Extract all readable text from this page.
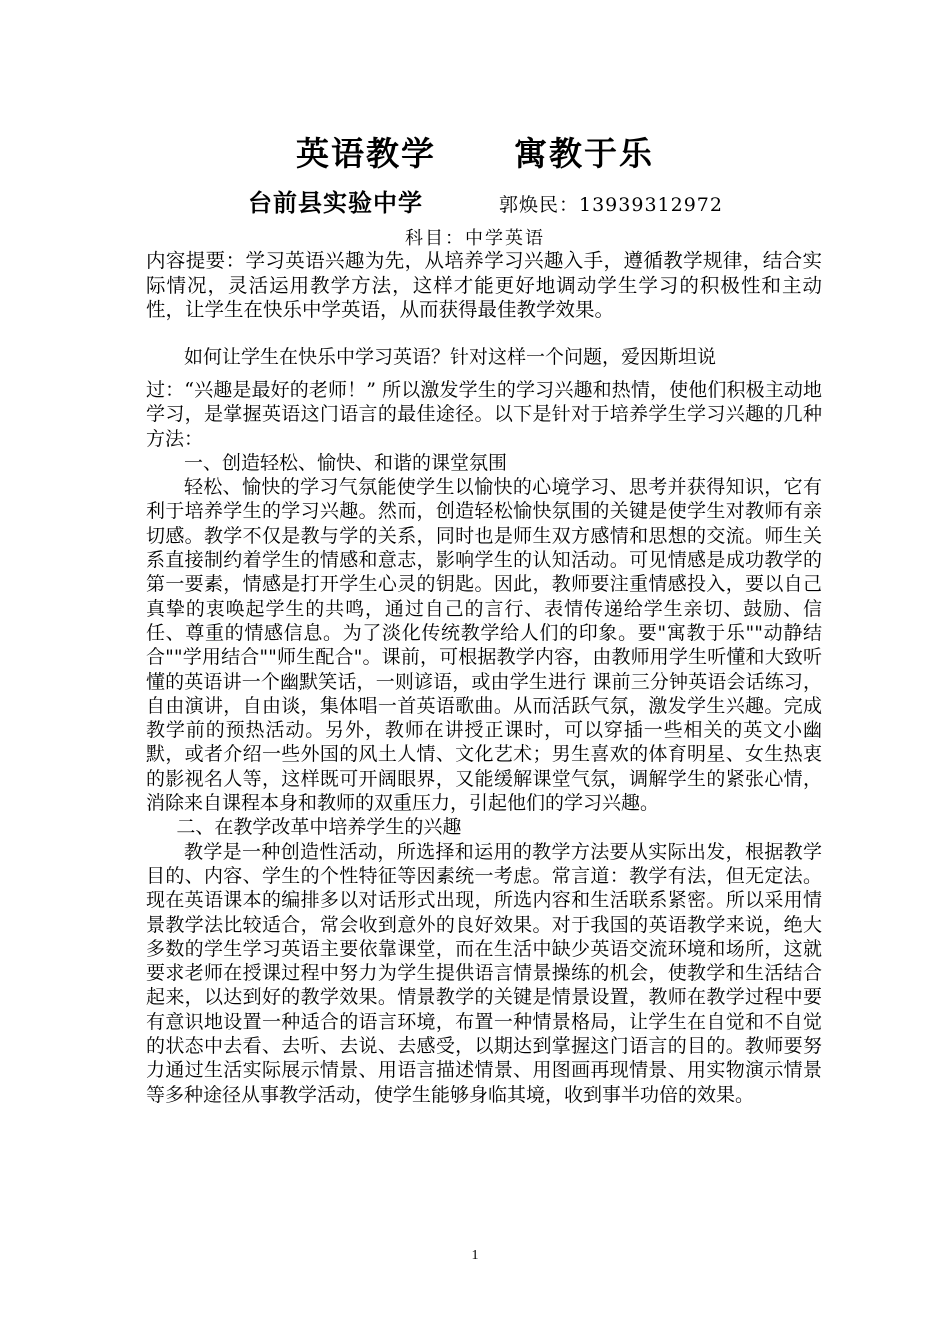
英语教学 寓教于乐
台前县实验中学	郭焕民：13939312972
科目：中学英语

内容提要：学习英语兴趣为先，从培养学习兴趣入手，遵循教学规律，结合实际情况，灵活运用教学方法，这样才能更好地调动学生学习的积极性和主动性，让学生在快乐中学英语，从而获得最佳教学效果。

如何让学生在快乐中学习英语？针对这样一个问题，爱因斯坦说

过：“兴趣是最好的老师！” 所以激发学生的学习兴趣和热情，使他们积极主动地学习，是掌握英语这门语言的最佳途径。以下是针对于培养学生学习兴趣的几种方法：

一、创造轻松、愉快、和谐的课堂氛围

轻松、愉快的学习气氛能使学生以愉快的心境学习、思考并获得知识，它有利于培养学生的学习兴趣。然而，创造轻松愉快氛围的关键是使学生对教师有亲切感。教学不仅是教与学的关系，同时也是师生双方感情和思想的交流。师生关系直接制约着学生的情感和意志，影响学生的认知活动。可见情感是成功教学的第一要素，情感是打开学生心灵的钥匙。因此，教师要注重情感投入，要以自己真挚的衷唤起学生的共鸣，通过自己的言行、表情传递给学生亲切、鼓励、信任、尊重的情感信息。为了淡化传统教学给人们的印象。要"寓教于乐""动静结合""学用结合""师生配合"。课前，可根据教学内容，由教师用学生听懂和大致听懂的英语讲一个幽默笑话，一则谚语，或由学生进行 课前三分钟英语会话练习，自由演讲，自由谈，集体唱一首英语歌曲。从而活跃气氛，激发学生兴趣。完成教学前的预热活动。另外，教师在讲授正课时，可以穿插一些相关的英文小幽默，或者介绍一些外国的风土人情、文化艺术；男生喜欢的体育明星、女生热衷的影视名人等，这样既可开阔眼界，又能缓解课堂气氛，调解学生的紧张心情，消除来自课程本身和教师的双重压力，引起他们的学习兴趣。

二、在教学改革中培养学生的兴趣

教学是一种创造性活动，所选择和运用的教学方法要从实际出发，根据教学目的、内容、学生的个性特征等因素统一考虑。常言道：教学有法，但无定法。现在英语课本的编排多以对话形式出现，所选内容和生活联系紧密。所以采用情景教学法比较适合，常会收到意外的良好效果。对于我国的英语教学来说，绝大多数的学生学习英语主要依靠课堂，而在生活中缺少英语交流环境和场所，这就要求老师在授课过程中努力为学生提供语言情景操练的机会，使教学和生活结合起来，以达到好的教学效果。情景教学的关键是情景设置，教师在教学过程中要有意识地设置一种适合的语言环境，布置一种情景格局，让学生在自觉和不自觉的状态中去看、去听、去说、去感受，以期达到掌握这门语言的目的。教师要努力通过生活实际展示情景、用语言描述情景、用图画再现情景、用实物演示情景等多种途径从事教学活动，使学生能够身临其境，收到事半功倍的效果。

1
